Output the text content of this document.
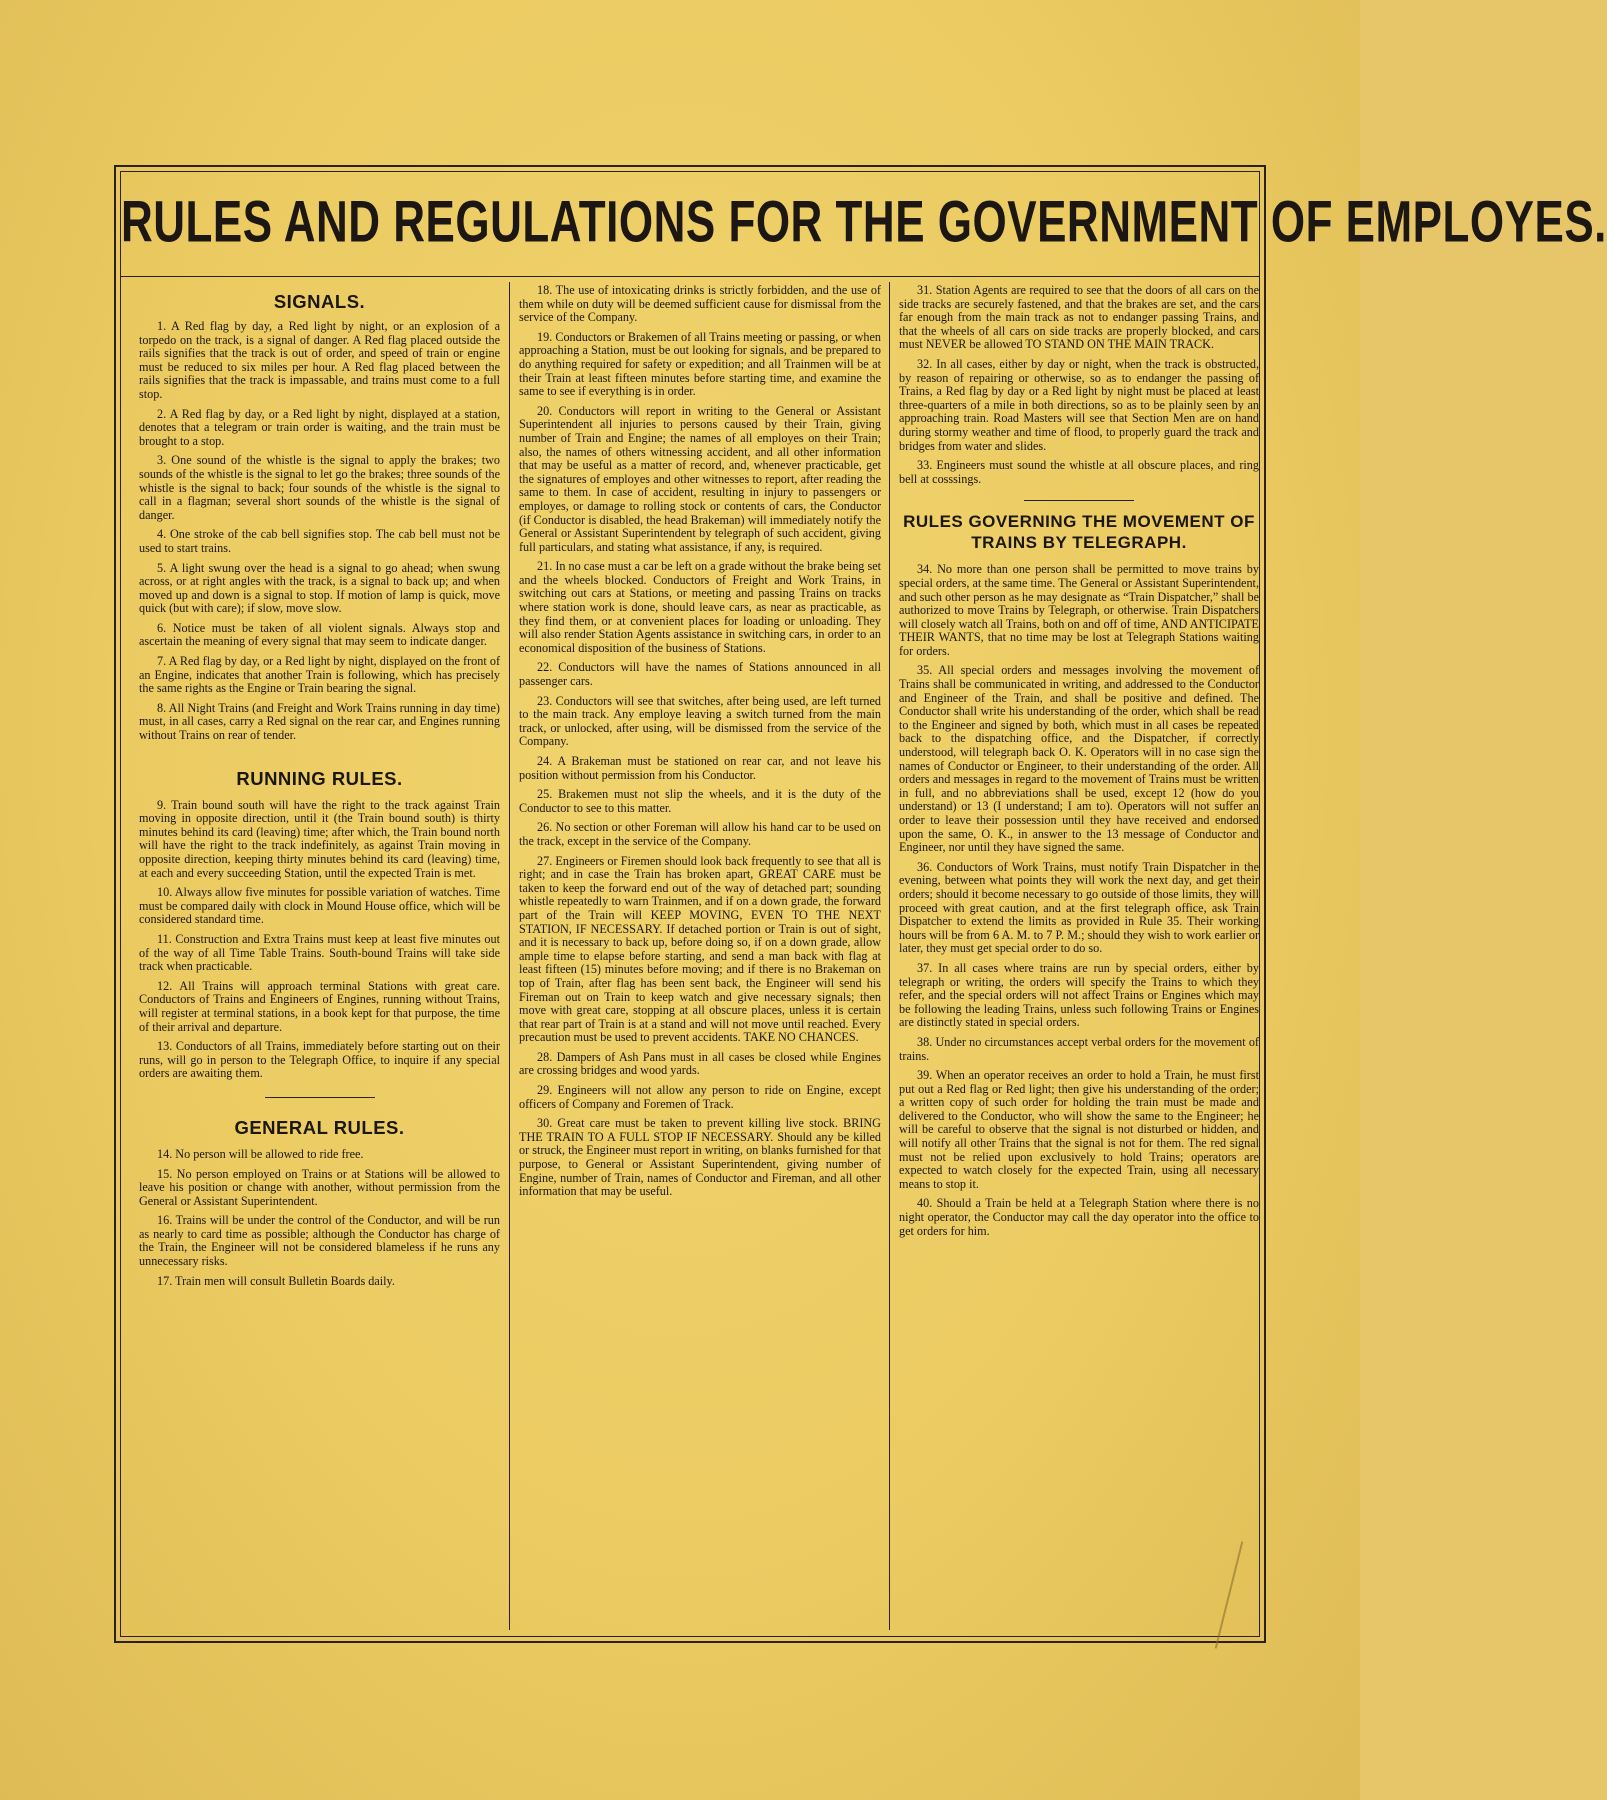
RULES AND REGULATIONS FOR THE GOVERNMENT OF EMPLOYES.
SIGNALS.

1. A Red flag by day, a Red light by night, or an explosion of a torpedo on the track, is a signal of danger. A Red flag placed outside the rails signifies that the track is out of order, and speed of train or engine must be reduced to six miles per hour. A Red flag placed between the rails signifies that the track is impassable, and trains must come to a full stop.

2. A Red flag by day, or a Red light by night, displayed at a station, denotes that a telegram or train order is waiting, and the train must be brought to a stop.

3. One sound of the whistle is the signal to apply the brakes; two sounds of the whistle is the signal to let go the brakes; three sounds of the whistle is the signal to back; four sounds of the whistle is the signal to call in a flagman; several short sounds of the whistle is the signal of danger.

4. One stroke of the cab bell signifies stop. The cab bell must not be used to start trains.

5. A light swung over the head is a signal to go ahead; when swung across, or at right angles with the track, is a signal to back up; and when moved up and down is a signal to stop. If motion of lamp is quick, move quick (but with care); if slow, move slow.

6. Notice must be taken of all violent signals. Always stop and ascertain the meaning of every signal that may seem to indicate danger.

7. A Red flag by day, or a Red light by night, displayed on the front of an Engine, indicates that another Train is following, which has precisely the same rights as the Engine or Train bearing the signal.

8. All Night Trains (and Freight and Work Trains running in day time) must, in all cases, carry a Red signal on the rear car, and Engines running without Trains on rear of tender.

RUNNING RULES.

9. Train bound south will have the right to the track against Train moving in opposite direction, until it (the Train bound south) is thirty minutes behind its card (leaving) time; after which, the Train bound north will have the right to the track indefinitely, as against Train moving in opposite direction, keeping thirty minutes behind its card (leaving) time, at each and every succeeding Station, until the expected Train is met.

10. Always allow five minutes for possible variation of watches. Time must be compared daily with clock in Mound House office, which will be considered standard time.

11. Construction and Extra Trains must keep at least five minutes out of the way of all Time Table Trains. South-bound Trains will take side track when practicable.

12. All Trains will approach terminal Stations with great care. Conductors of Trains and Engineers of Engines, running without Trains, will register at terminal stations, in a book kept for that purpose, the time of their arrival and departure.

13. Conductors of all Trains, immediately before starting out on their runs, will go in person to the Telegraph Office, to inquire if any special orders are awaiting them.

GENERAL RULES.

14. No person will be allowed to ride free.

15. No person employed on Trains or at Stations will be allowed to leave his position or change with another, without permission from the General or Assistant Superintendent.

16. Trains will be under the control of the Conductor, and will be run as nearly to card time as possible; although the Conductor has charge of the Train, the Engineer will not be considered blameless if he runs any unnecessary risks.

17. Train men will consult Bulletin Boards daily.

18. The use of intoxicating drinks is strictly forbidden, and the use of them while on duty will be deemed sufficient cause for dismissal from the service of the Company.

19. Conductors or Brakemen of all Trains meeting or passing, or when approaching a Station, must be out looking for signals, and be prepared to do anything required for safety or expedition; and all Trainmen will be at their Train at least fifteen minutes before starting time, and examine the same to see if everything is in order.

20. Conductors will report in writing to the General or Assistant Superintendent all injuries to persons caused by their Train, giving number of Train and Engine; the names of all employes on their Train; also, the names of others witnessing accident, and all other information that may be useful as a matter of record, and, whenever practicable, get the signatures of employes and other witnesses to report, after reading the same to them. In case of accident, resulting in injury to passengers or employes, or damage to rolling stock or contents of cars, the Conductor (if Conductor is disabled, the head Brakeman) will immediately notify the General or Assistant Superintendent by telegraph of such accident, giving full particulars, and stating what assistance, if any, is required.

21. In no case must a car be left on a grade without the brake being set and the wheels blocked. Conductors of Freight and Work Trains, in switching out cars at Stations, or meeting and passing Trains on tracks where station work is done, should leave cars, as near as practicable, as they find them, or at convenient places for loading or unloading. They will also render Station Agents assistance in switching cars, in order to an economical disposition of the business of Stations.

22. Conductors will have the names of Stations announced in all passenger cars.

23. Conductors will see that switches, after being used, are left turned to the main track. Any employe leaving a switch turned from the main track, or unlocked, after using, will be dismissed from the service of the Company.

24. A Brakeman must be stationed on rear car, and not leave his position without permission from his Conductor.

25. Brakemen must not slip the wheels, and it is the duty of the Conductor to see to this matter.

26. No section or other Foreman will allow his hand car to be used on the track, except in the service of the Company.

27. Engineers or Firemen should look back frequently to see that all is right; and in case the Train has broken apart, GREAT CARE must be taken to keep the forward end out of the way of detached part; sounding whistle repeatedly to warn Trainmen, and if on a down grade, the forward part of the Train will KEEP MOVING, EVEN TO THE NEXT STATION, IF NECESSARY. If detached portion or Train is out of sight, and it is necessary to back up, before doing so, if on a down grade, allow ample time to elapse before starting, and send a man back with flag at least fifteen (15) minutes before moving; and if there is no Brakeman on top of Train, after flag has been sent back, the Engineer will send his Fireman out on Train to keep watch and give necessary signals; then move with great care, stopping at all obscure places, unless it is certain that rear part of Train is at a stand and will not move until reached. Every precaution must be used to prevent accidents. TAKE NO CHANCES.

28. Dampers of Ash Pans must in all cases be closed while Engines are crossing bridges and wood yards.

29. Engineers will not allow any person to ride on Engine, except officers of Company and Foremen of Track.

30. Great care must be taken to prevent killing live stock. BRING THE TRAIN TO A FULL STOP IF NECESSARY. Should any be killed or struck, the Engineer must report in writing, on blanks furnished for that purpose, to General or Assistant Superintendent, giving number of Engine, number of Train, names of Conductor and Fireman, and all other information that may be useful.

31. Station Agents are required to see that the doors of all cars on the side tracks are securely fastened, and that the brakes are set, and the cars far enough from the main track as not to endanger passing Trains, and that the wheels of all cars on side tracks are properly blocked, and cars must NEVER be allowed TO STAND ON THE MAIN TRACK.

32. In all cases, either by day or night, when the track is obstructed, by reason of repairing or otherwise, so as to endanger the passing of Trains, a Red flag by day or a Red light by night must be placed at least three-quarters of a mile in both directions, so as to be plainly seen by an approaching train. Road Masters will see that Section Men are on hand during stormy weather and time of flood, to properly guard the track and bridges from water and slides.

33. Engineers must sound the whistle at all obscure places, and ring bell at cosssings.

RULES GOVERNING THE MOVEMENT OF TRAINS BY TELEGRAPH.

34. No more than one person shall be permitted to move trains by special orders, at the same time. The General or Assistant Superintendent, and such other person as he may designate as “Train Dispatcher,” shall be authorized to move Trains by Telegraph, or otherwise. Train Dispatchers will closely watch all Trains, both on and off of time, AND ANTICIPATE THEIR WANTS, that no time may be lost at Telegraph Stations waiting for orders.

35. All special orders and messages involving the movement of Trains shall be communicated in writing, and addressed to the Conductor and Engineer of the Train, and shall be positive and defined. The Conductor shall write his understanding of the order, which shall be read to the Engineer and signed by both, which must in all cases be repeated back to the dispatching office, and the Dispatcher, if correctly understood, will telegraph back O. K. Operators will in no case sign the names of Conductor or Engineer, to their understanding of the order. All orders and messages in regard to the movement of Trains must be written in full, and no abbreviations shall be used, except 12 (how do you understand) or 13 (I understand; I am to). Operators will not suffer an order to leave their possession until they have received and endorsed upon the same, O. K., in answer to the 13 message of Conductor and Engineer, nor until they have signed the same.

36. Conductors of Work Trains, must notify Train Dispatcher in the evening, between what points they will work the next day, and get their orders; should it become necessary to go outside of those limits, they will proceed with great caution, and at the first telegraph office, ask Train Dispatcher to extend the limits as provided in Rule 35. Their working hours will be from 6 A. M. to 7 P. M.; should they wish to work earlier or later, they must get special order to do so.

37. In all cases where trains are run by special orders, either by telegraph or writing, the orders will specify the Trains to which they refer, and the special orders will not affect Trains or Engines which may be following the leading Trains, unless such following Trains or Engines are distinctly stated in special orders.

38. Under no circumstances accept verbal orders for the movement of trains.

39. When an operator receives an order to hold a Train, he must first put out a Red flag or Red light; then give his understanding of the order; a written copy of such order for holding the train must be made and delivered to the Conductor, who will show the same to the Engineer; he will be careful to observe that the signal is not disturbed or hidden, and will notify all other Trains that the signal is not for them. The red signal must not be relied upon exclusively to hold Trains; operators are expected to watch closely for the expected Train, using all necessary means to stop it.

40. Should a Train be held at a Telegraph Station where there is no night operator, the Conductor may call the day operator into the office to get orders for him.
